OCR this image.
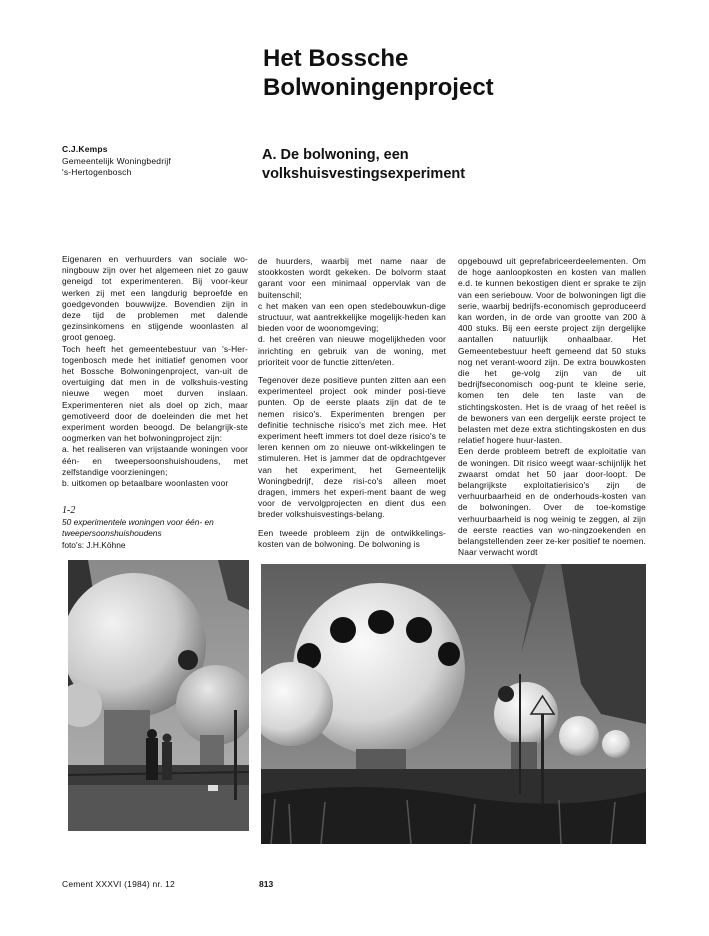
Het Bossche
Bolwoningenproject
C.J.Kemps
Gemeentelijk Woningbedrijf
's-Hertogenbosch
A. De bolwoning, een
volkshuisvestingsexperiment

Eigenaren en verhuurders van sociale wo-ningbouw zijn over het algemeen niet zo gauw geneigd tot experimenteren. Bij voor-keur werken zij met een langdurig beproefde en goedgevonden bouwwijze. Bovendien zijn in deze tijd de problemen met dalende gezinsinkomens en stijgende woonlasten al groot genoeg.

Toch heeft het gemeentebestuur van 's-Her-togenbosch mede het initiatief genomen voor het Bossche Bolwoningenproject, van-uit de overtuiging dat men in de volkshuis-vesting nieuwe wegen moet durven inslaan. Experimenteren niet als doel op zich, maar gemotiveerd door de doeleinden die met het experiment worden beoogd. De belangrijk-ste oogmerken van het bolwoningproject zijn:

a. het realiseren van vrijstaande woningen voor één- en tweepersoonshuishoudens, met zelfstandige voorzieningen;

b. uitkomen op betaalbare woonlasten voor

de huurders, waarbij met name naar de stookkosten wordt gekeken. De bolvorm staat garant voor een minimaal oppervlak van de buitenschil;

c het maken van een open stedebouwkun-dige structuur, wat aantrekkelijke mogelijk-heden kan bieden voor de woonomgeving;

d. het creëren van nieuwe mogelijkheden voor inrichting en gebruik van de woning, met prioriteit voor de functie zitten/eten.

Tegenover deze positieve punten zitten aan een experimenteel project ook minder posi-tieve punten. Op de eerste plaats zijn dat de te nemen risico's. Experimenten brengen per definitie technische risico's met zich mee. Het experiment heeft immers tot doel deze risico's te leren kennen om zo nieuwe ont-wikkelingen te stimuleren. Het is jammer dat de opdrachtgever van het experiment, het Gemeentelijk Woningbedrijf, deze risi-co's alleen moet dragen, immers het experi-ment baant de weg voor de vervolgprojecten en dient dus een breder volkshuisvestings-belang.

Een tweede probleem zijn de ontwikkelings-kosten van de bolwoning. De bolwoning is

opgebouwd uit geprefabriceerdeelementen. Om de hoge aanloopkosten en kosten van mallen e.d. te kunnen bekostigen dient er sprake te zijn van een seriebouw. Voor de bolwoningen ligt die serie, waarbij bedrijfs-economisch geproduceerd kan worden, in de orde van grootte van 200 à 400 stuks. Bij een eerste project zijn dergelijke aantallen natuurlijk onhaalbaar. Het Gemeentebestuur heeft gemeend dat 50 stuks nog net verant-woord zijn. De extra bouwkosten die het ge-volg zijn van de uit bedrijfseconomisch oog-punt te kleine serie, komen ten dele ten laste van de stichtingskosten. Het is de vraag of het reëel is de bewoners van een dergelijk eerste project te belasten met deze extra stichtingskosten en dus relatief hogere huur-lasten.

Een derde probleem betreft de exploitatie van de woningen. Dit risico weegt waar-schijnlijk het zwaarst omdat het 50 jaar door-loopt. De belangrijkste exploitatierisico's zijn de verhuurbaarheid en de onderhouds-kosten van de bolwoningen. Over de toe-komstige verhuurbaarheid is nog weinig te zeggen, al zijn de eerste reacties van wo-ningzoekenden en belangstellenden zeer ze-ker positief te noemen. Naar verwacht wordt

1-2
50 experimentele woningen voor één- en
tweepersoonshuishoudens
foto's: J.H.Köhne
Cement XXXVI (1984) nr. 12	813
